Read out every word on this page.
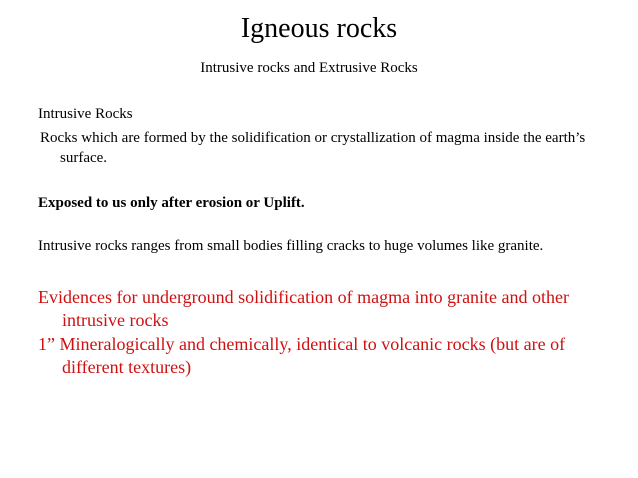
Igneous rocks
Intrusive rocks and Extrusive Rocks
Intrusive Rocks
Rocks which are formed by the solidification or crystallization of magma inside the earth’s surface.
Exposed to us only after erosion or Uplift.
Intrusive rocks ranges from small bodies filling cracks to huge volumes like granite.
Evidences for underground solidification of magma into granite and other intrusive rocks
1” Mineralogically and chemically, identical to volcanic rocks (but are of different textures)
